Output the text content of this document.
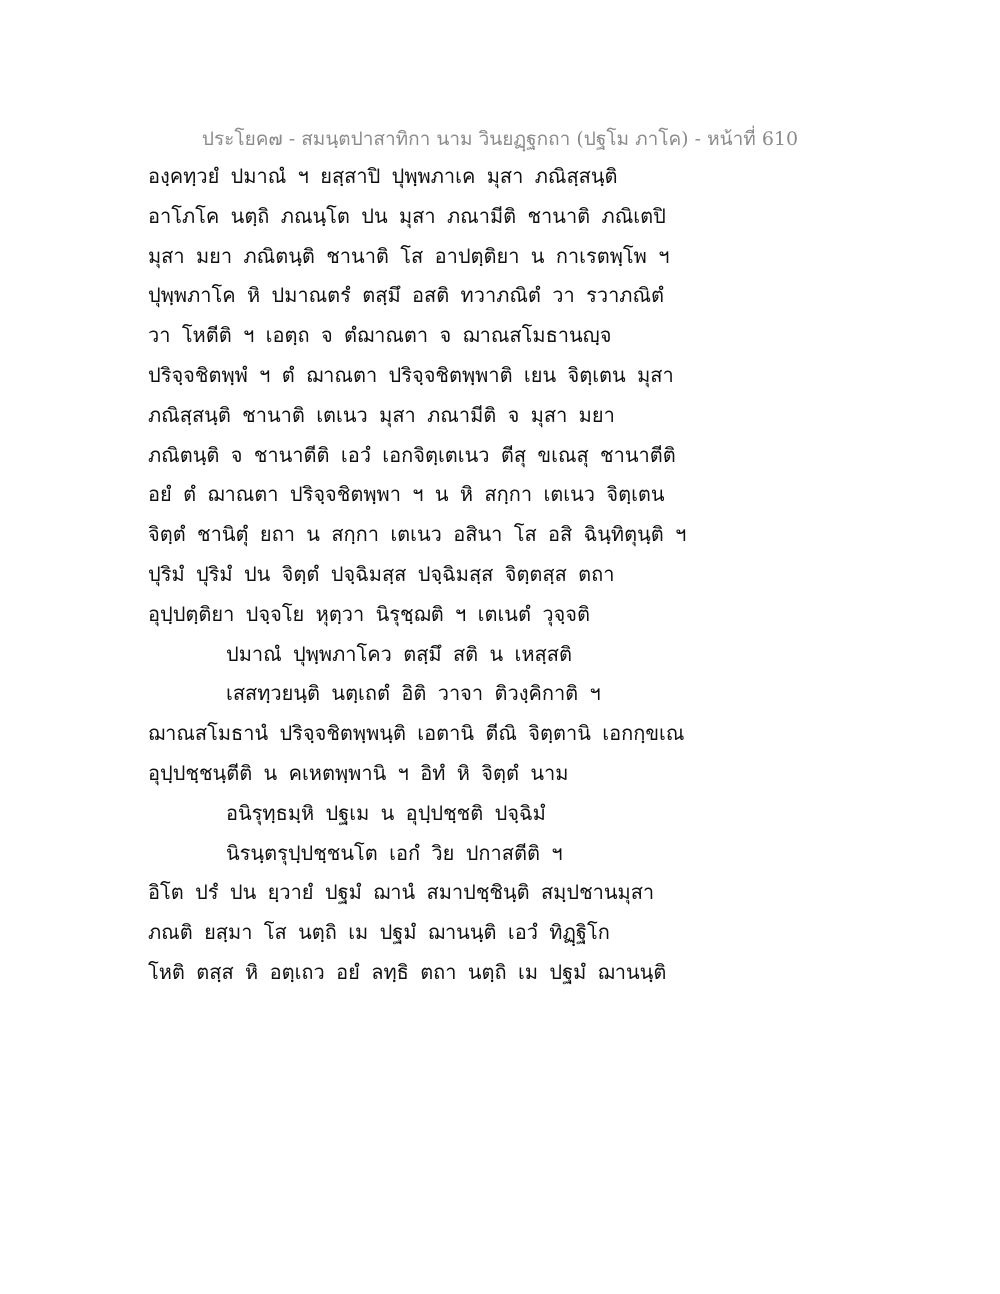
ประโยค๗ - สมนฺตปาสาทิกา นาม วินยฏฺฐกถา (ปฐโม ภาโค) - หน้าที่ 610
องฺคทฺวยํ ปมาณํ ฯ ยสฺสาปิ ปุพฺพภาเค มุสา ภณิสฺสนฺติ
อาโภโค นตฺถิ ภณนฺโต ปน มุสา ภณามีติ ชานาติ ภณิเตปิ
มุสา มยา ภณิตนฺติ ชานาติ โส อาปตฺติยา น กาเรตพฺโพ ฯ
ปุพฺพภาโค หิ ปมาณตรํ ตสฺมึ อสติ ทวาภณิตํ วา รวาภณิตํ
วา โหตีติ ฯ เอตฺถ จ ตํฌาณตา จ ฌาณสโมธานญฺจ
ปริจฺจชิตพฺพํ ฯ ตํ ฌาณตา ปริจฺจชิตพฺพาติ เยน จิตฺเตน มุสา
ภณิสฺสนฺติ ชานาติ เตเนว มุสา ภณามีติ จ มุสา มยา
ภณิตนฺติ จ ชานาตีติ เอวํ เอกจิตฺเตเนว ตีสุ ขเณสุ ชานาตีติ
อยํ ตํ ฌาณตา ปริจฺจชิตพฺพา ฯ น หิ สกฺกา เตเนว จิตฺเตน
จิตฺตํ ชานิตุํ ยถา น สกฺกา เตเนว อสินา โส อสิ ฉินฺทิตุนฺติ ฯ
ปุริมํ ปุริมํ ปน จิตฺตํ ปจฺฉิมสฺส ปจฺฉิมสฺส จิตฺตสฺส ตถา
อุปฺปตฺติยา ปจฺจโย หุตฺวา นิรุชฺฌติ ฯ เตเนตํ วุจฺจติ
ปมาณํ ปุพฺพภาโคว ตสฺมึ สติ น เหสฺสติ
เสสทฺวยนฺติ นตฺเถตํ อิติ วาจา ติวงฺคิกาติ ฯ
ฌาณสโมธานํ ปริจฺจชิตพฺพนฺติ เอตานิ ตีณิ จิตฺตานิ เอกกฺขเณ
อุปฺปชฺชนฺตีติ น คเหตพฺพานิ ฯ อิทํ หิ จิตฺตํ นาม
อนิรุทฺธมฺหิ ปฐเม น อุปฺปชฺชติ ปจฺฉิมํ
นิรนฺตรุปฺปชฺชนโต เอกํ วิย ปกาสตีติ ฯ
อิโต ปรํ ปน ยฺวายํ ปฐมํ ฌานํ สมาปชฺชินฺติ สมฺปชานมุสา
ภณติ ยสฺมา โส นตฺถิ เม ปฐมํ ฌานนฺติ เอวํ ทิฏฺฐิโก
โหติ ตสฺส หิ อตฺเถว อยํ ลทฺธิ ตถา นตฺถิ เม ปฐมํ ฌานนฺติ
